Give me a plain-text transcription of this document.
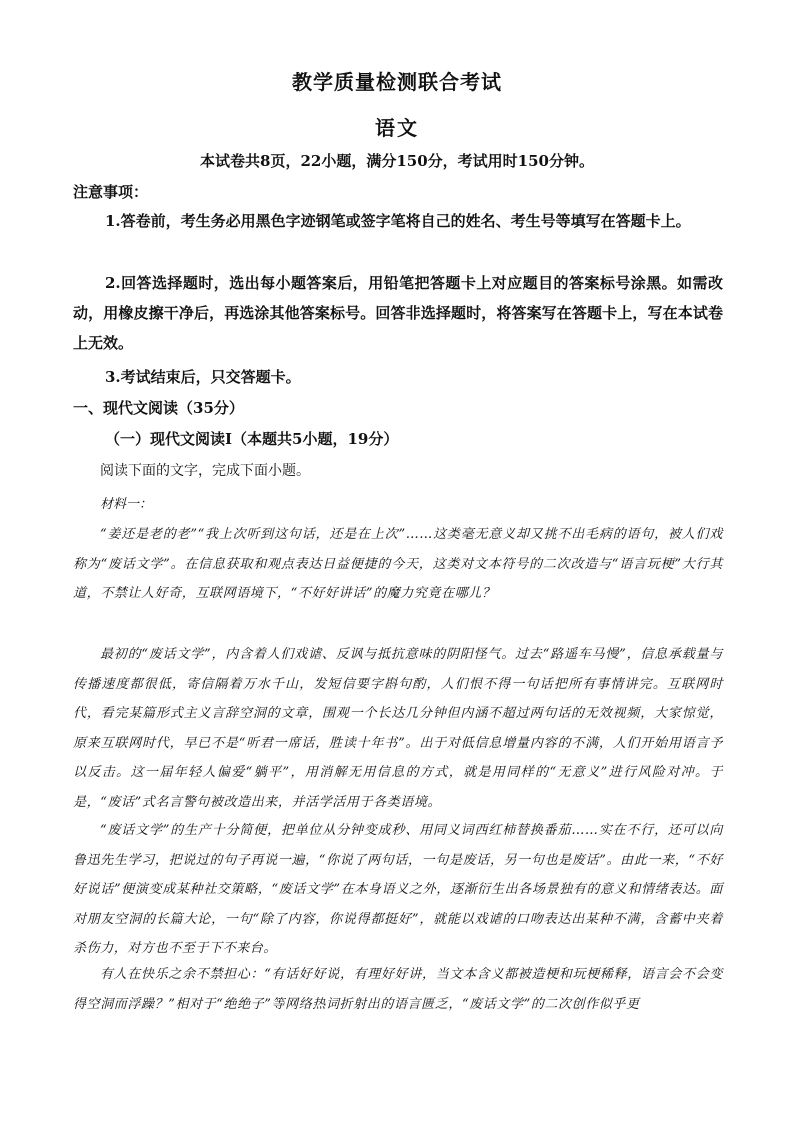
教学质量检测联合考试
语文
本试卷共8页，22小题，满分150分，考试用时150分钟。
注意事项：
1.答卷前，考生务必用黑色字迹钢笔或签字笔将自己的姓名、考生号等填写在答题卡上。
2.回答选择题时，选出每小题答案后，用铅笔把答题卡上对应题目的答案标号涂黑。如需改动，用橡皮擦干净后，再选涂其他答案标号。回答非选择题时，将答案写在答题卡上，写在本试卷上无效。
3.考试结束后，只交答题卡。
一、现代文阅读（35分）
（一）现代文阅读Ⅰ（本题共5小题，19分）
阅读下面的文字，完成下面小题。
材料一：
“姜还是老的老”“我上次听到这句话，还是在上次”……这类毫无意义却又挑不出毛病的语句，被人们戏称为“废话文学”。在信息获取和观点表达日益便捷的今天，这类对文本符号的二次改造与“语言玩梗”大行其道，不禁让人好奇，互联网语境下，“不好好讲话”的魔力究竟在哪儿？
最初的“废话文学”，内含着人们戏谑、反讽与抵抗意味的阴阳怪气。过去“路遥车马慢”，信息承载量与传播速度都很低，寄信隔着万水千山，发短信要字斟句酌，人们恨不得一句话把所有事情讲完。互联网时代，看完某篇形式主义言辞空洞的文章，围观一个长达几分钟但内涵不超过两句话的无效视频，大家惊觉，原来互联网时代，早已不是“听君一席话，胜读十年书”。出于对低信息增量内容的不满，人们开始用语言予以反击。这一届年轻人偏爱“躺平”，用消解无用信息的方式，就是用同样的“无意义”进行风险对冲。于是，“废话”式名言警句被改造出来，并活学活用于各类语境。
“废话文学”的生产十分简便，把单位从分钟变成秒、用同义词西红柿替换番茄……实在不行，还可以向鲁迅先生学习，把说过的句子再说一遍，“你说了两句话，一句是废话，另一句也是废话”。由此一来，“不好好说话”便演变成某种社交策略，“废话文学”在本身语义之外，逐渐衍生出各场景独有的意义和情绪表达。面对朋友空洞的长篇大论，一句“除了内容，你说得都挺好”，就能以戏谑的口吻表达出某种不满，含蓄中夹着杀伤力，对方也不至于下不来台。
有人在快乐之余不禁担心：“有话好好说，有理好好讲，当文本含义都被造梗和玩梗稀释，语言会不会变得空洞而浮躁？”相对于“绝绝子”等网络热词折射出的语言匮乏，“废话文学”的二次创作似乎更
